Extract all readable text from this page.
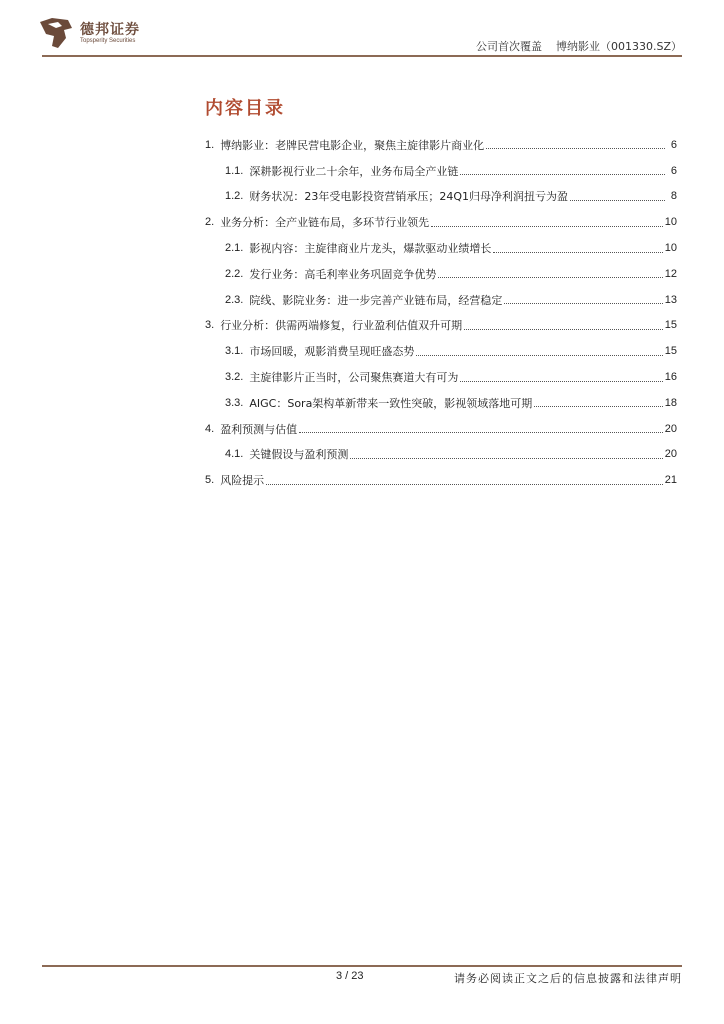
德邦证券
Topsperity Securities	公司首次覆盖 博纳影业（001330.SZ）
内容目录
1. 博纳影业：老牌民营电影企业，聚焦主旋律影片商业化	6
1.1. 深耕影视行业二十余年，业务布局全产业链	6
1.2. 财务状况：23年受电影投资营销承压；24Q1归母净利润扭亏为盈	8
2. 业务分析：全产业链布局，多环节行业领先	10
2.1. 影视内容：主旋律商业片龙头，爆款驱动业绩增长	10
2.2. 发行业务：高毛利率业务巩固竞争优势	12
2.3. 院线、影院业务：进一步完善产业链布局，经营稳定	13
3. 行业分析：供需两端修复，行业盈利估值双升可期	15
3.1. 市场回暖，观影消费呈现旺盛态势	15
3.2. 主旋律影片正当时，公司聚焦赛道大有可为	16
3.3. AIGC：Sora架构革新带来一致性突破，影视领域落地可期	18
4. 盈利预测与估值	20
4.1. 关键假设与盈利预测	20
5. 风险提示	21
3 / 23	请务必阅读正文之后的信息披露和法律声明
